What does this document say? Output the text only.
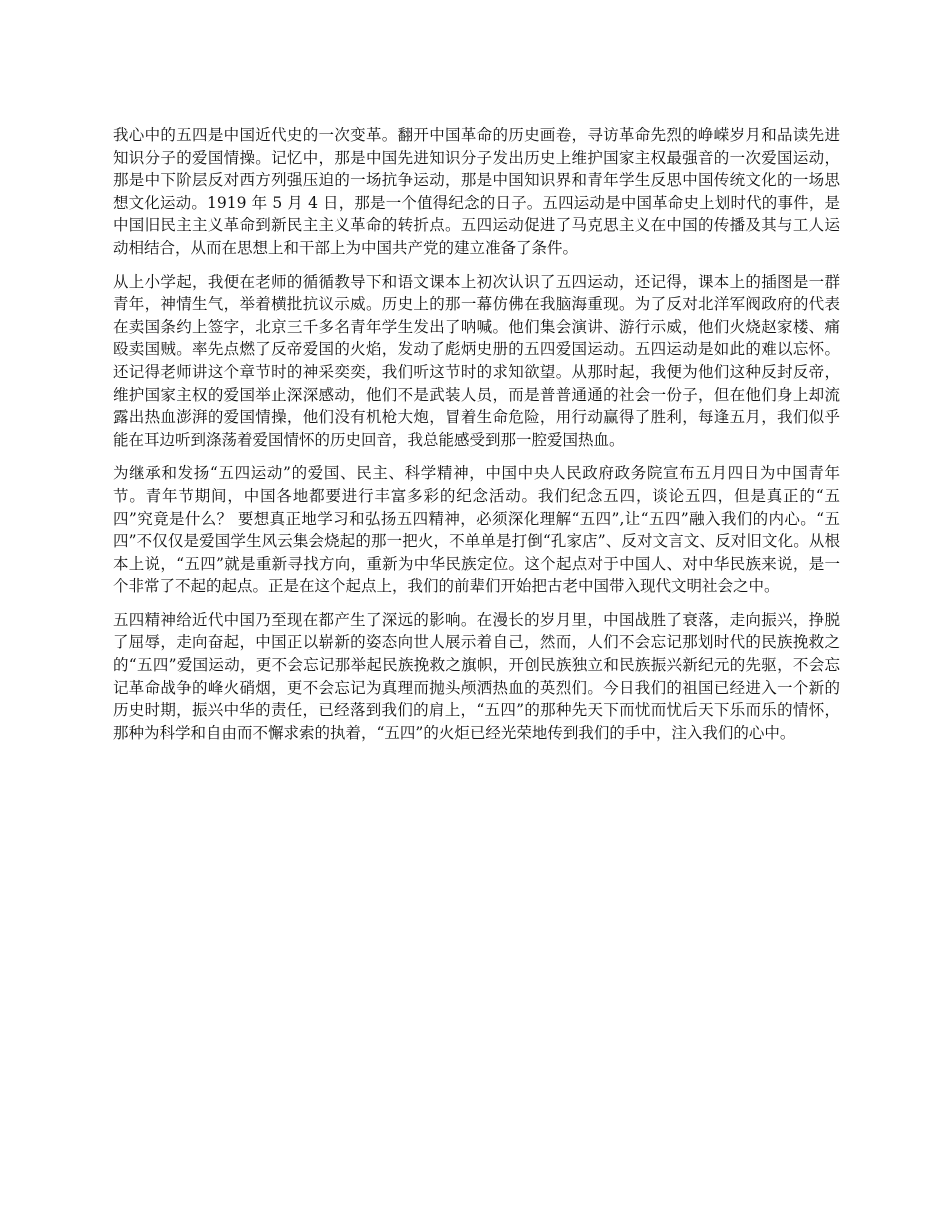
我心中的五四是中国近代史的一次变革。翻开中国革命的历史画卷，寻访革命先烈的峥嵘岁月和品读先进知识分子的爱国情操。记忆中，那是中国先进知识分子发出历史上维护国家主权最强音的一次爱国运动，那是中下阶层反对西方列强压迫的一场抗争运动，那是中国知识界和青年学生反思中国传统文化的一场思想文化运动。1919 年 5 月 4 日，那是一个值得纪念的日子。五四运动是中国革命史上划时代的事件，是中国旧民主主义革命到新民主主义革命的转折点。五四运动促进了马克思主义在中国的传播及其与工人运动相结合，从而在思想上和干部上为中国共产党的建立准备了条件。

从上小学起，我便在老师的循循教导下和语文课本上初次认识了五四运动，还记得，课本上的插图是一群青年，神情生气，举着横批抗议示威。历史上的那一幕仿佛在我脑海重现。为了反对北洋军阀政府的代表在卖国条约上签字，北京三千多名青年学生发出了呐喊。他们集会演讲、游行示威，他们火烧赵家楼、痛殴卖国贼。率先点燃了反帝爱国的火焰，发动了彪炳史册的五四爱国运动。五四运动是如此的难以忘怀。还记得老师讲这个章节时的神采奕奕，我们听这节时的求知欲望。从那时起，我便为他们这种反封反帝，维护国家主权的爱国举止深深感动，他们不是武装人员，而是普普通通的社会一份子，但在他们身上却流露出热血澎湃的爱国情操，他们没有机枪大炮，冒着生命危险，用行动赢得了胜利，每逢五月，我们似乎能在耳边听到涤荡着爱国情怀的历史回音，我总能感受到那一腔爱国热血。

为继承和发扬“五四运动”的爱国、民主、科学精神，中国中央人民政府政务院宣布五月四日为中国青年节。青年节期间，中国各地都要进行丰富多彩的纪念活动。我们纪念五四，谈论五四，但是真正的“五四”究竟是什么？ 要想真正地学习和弘扬五四精神，必须深化理解“五四”,让“五四”融入我们的内心。“五四”不仅仅是爱国学生风云集会烧起的那一把火，不单单是打倒“孔家店”、反对文言文、反对旧文化。从根本上说，“五四”就是重新寻找方向，重新为中华民族定位。这个起点对于中国人、对中华民族来说，是一个非常了不起的起点。正是在这个起点上，我们的前辈们开始把古老中国带入现代文明社会之中。

五四精神给近代中国乃至现在都产生了深远的影响。在漫长的岁月里，中国战胜了衰落，走向振兴，挣脱了屈辱，走向奋起，中国正以崭新的姿态向世人展示着自己，然而，人们不会忘记那划时代的民族挽救之的“五四”爱国运动，更不会忘记那举起民族挽救之旗帜，开创民族独立和民族振兴新纪元的先驱，不会忘记革命战争的峰火硝烟，更不会忘记为真理而抛头颅洒热血的英烈们。今日我们的祖国已经进入一个新的历史时期，振兴中华的责任，已经落到我们的肩上，“五四”的那种先天下而忧而忧后天下乐而乐的情怀，那种为科学和自由而不懈求索的执着，“五四”的火炬已经光荣地传到我们的手中，注入我们的心中。
